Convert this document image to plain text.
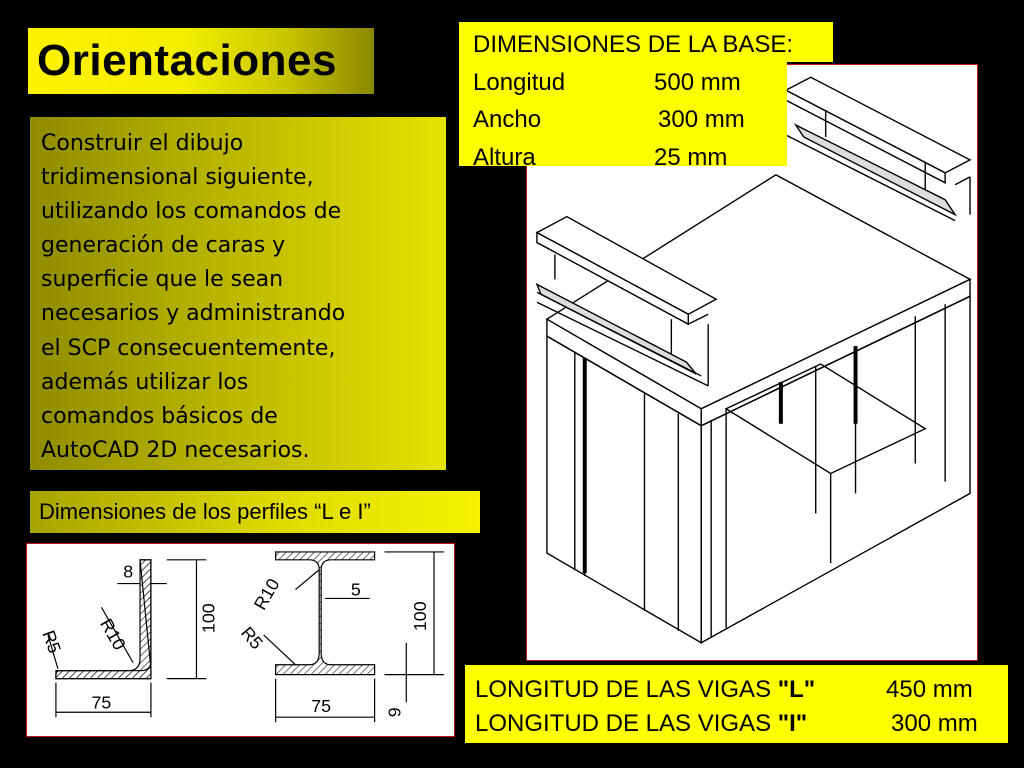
Orientaciones

Construir el dibujo
tridimensional siguiente,
utilizando los comandos de
generación de caras y
superficie que le sean
necesarios y administrando
el SCP consecuentemente,
además utilizar los
comandos básicos de
AutoCAD 2D necesarios.

Dimensiones de los perfiles “L e I”
8
100
75
R5 R10
R10
R5
5
100
75	9
DIMENSIONES DE LA BASE:
Longitud	500 mm
Ancho	300 mm
Altura	25 mm
LONGITUD DE LAS VIGAS "L"	450 mm
LONGITUD DE LAS VIGAS "I"	300 mm
